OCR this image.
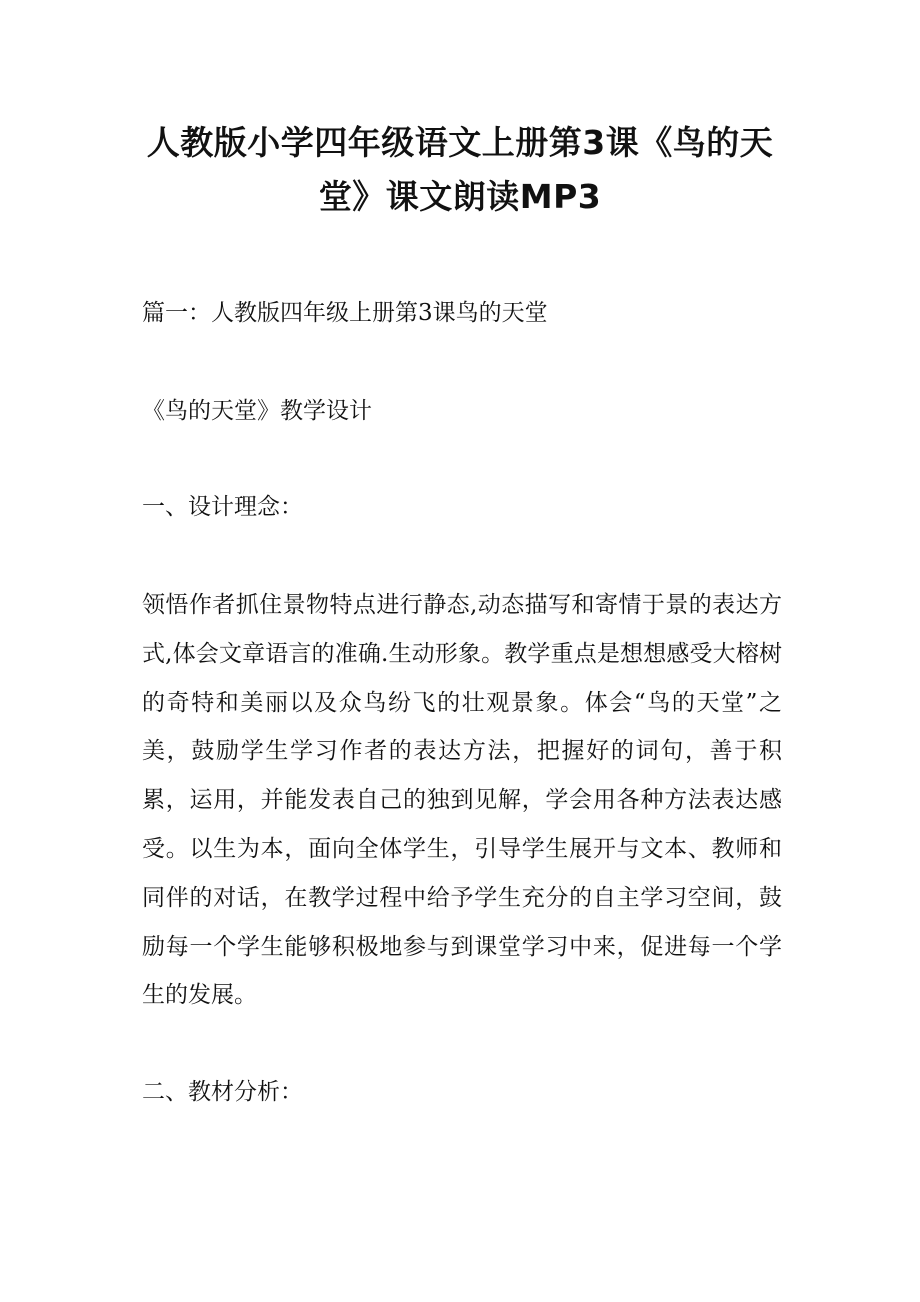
人教版小学四年级语文上册第3课《鸟的天堂》课文朗读MP3

篇一：人教版四年级上册第3课鸟的天堂

《鸟的天堂》教学设计

一、设计理念：

领悟作者抓住景物特点进行静态,动态描写和寄情于景的表达方式,体会文章语言的准确.生动形象。教学重点是想想感受大榕树的奇特和美丽以及众鸟纷飞的壮观景象。体会“鸟的天堂”之美，鼓励学生学习作者的表达方法，把握好的词句，善于积累，运用，并能发表自己的独到见解，学会用各种方法表达感受。以生为本，面向全体学生，引导学生展开与文本、教师和同伴的对话，在教学过程中给予学生充分的自主学习空间，鼓励每一个学生能够积极地参与到课堂学习中来，促进每一个学生的发展。

二、教材分析：
